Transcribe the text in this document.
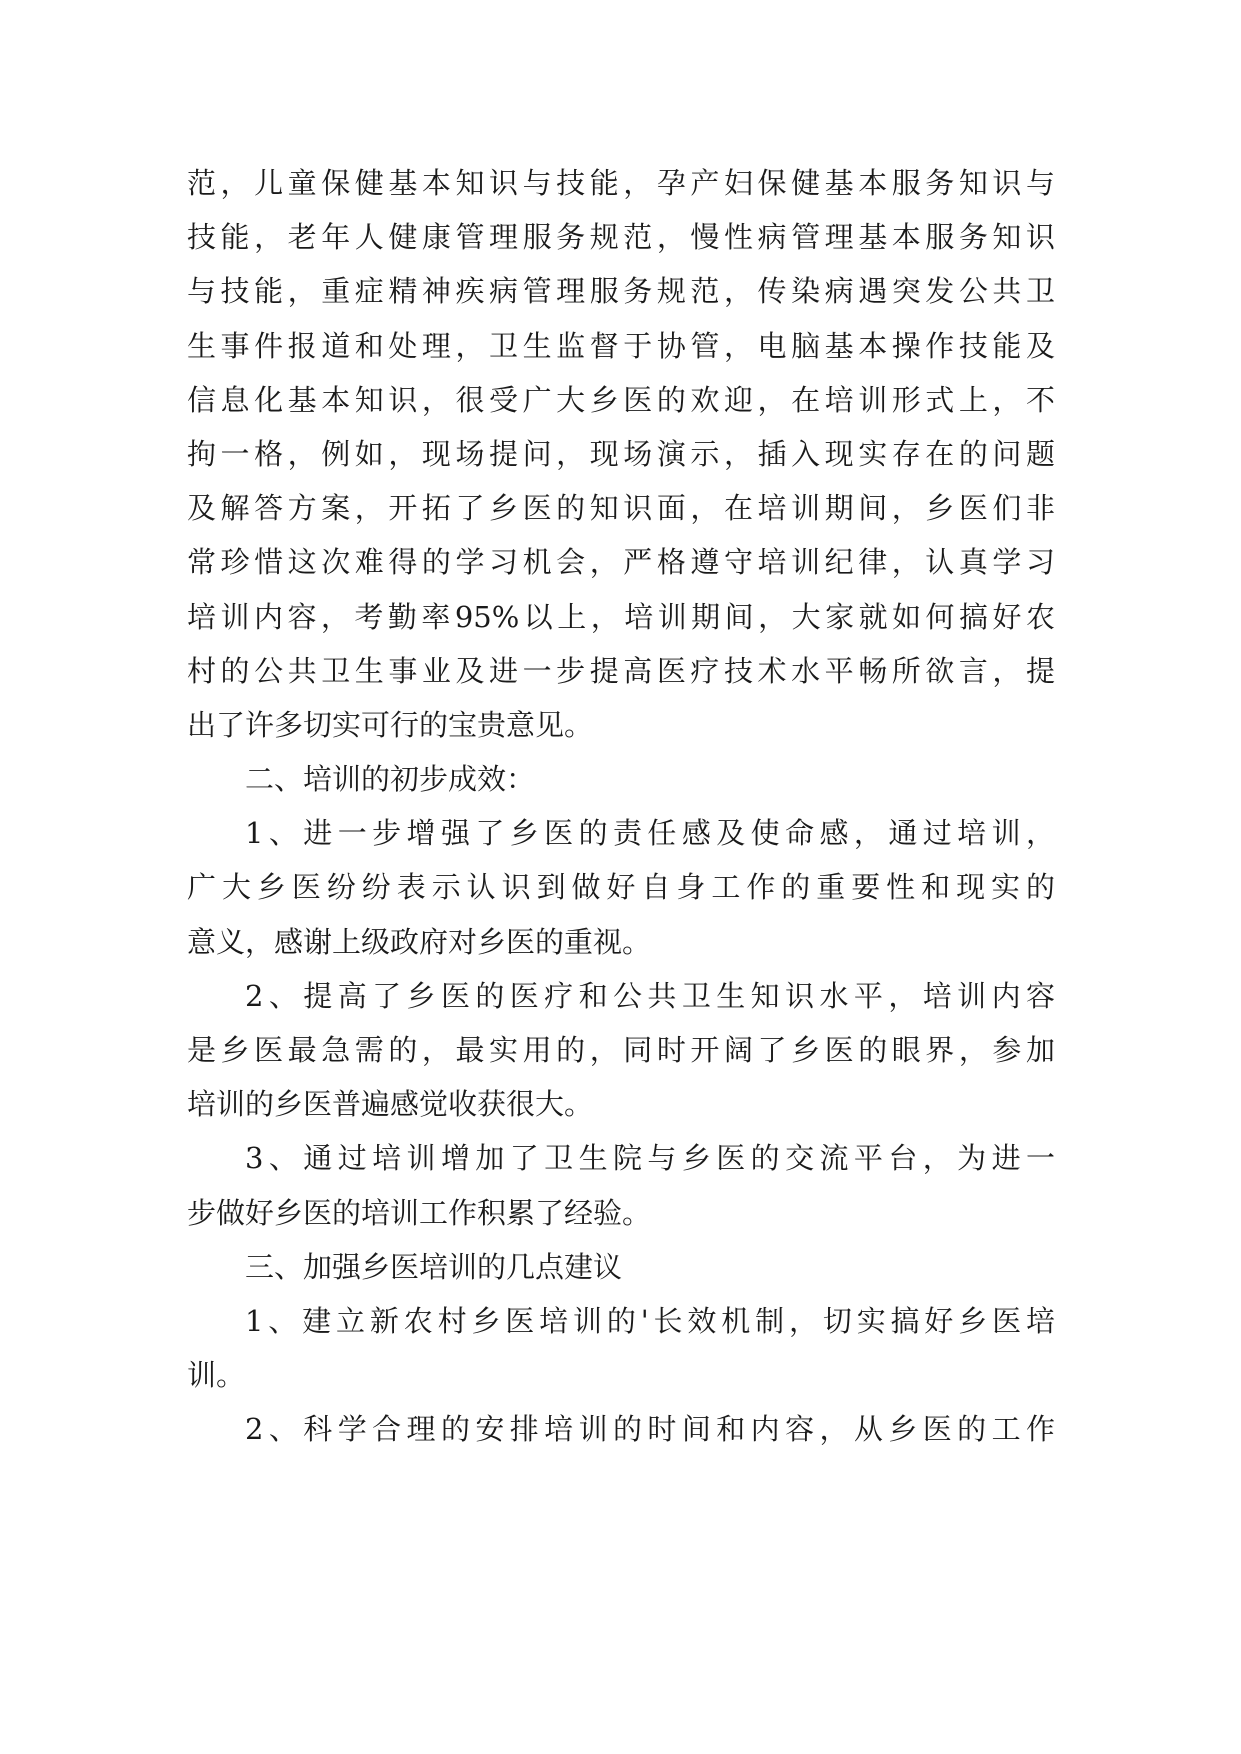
范，儿童保健基本知识与技能，孕产妇保健基本服务知识与
技能，老年人健康管理服务规范，慢性病管理基本服务知识
与技能，重症精神疾病管理服务规范，传染病遇突发公共卫
生事件报道和处理，卫生监督于协管，电脑基本操作技能及
信息化基本知识，很受广大乡医的欢迎，在培训形式上，不
拘一格，例如，现场提问，现场演示，插入现实存在的问题
及解答方案，开拓了乡医的知识面，在培训期间，乡医们非
常珍惜这次难得的学习机会，严格遵守培训纪律，认真学习
培训内容，考勤率95%以上，培训期间，大家就如何搞好农
村的公共卫生事业及进一步提高医疗技术水平畅所欲言，提
出了许多切实可行的宝贵意见。
二、培训的初步成效：
1、进一步增强了乡医的责任感及使命感，通过培训，
广大乡医纷纷表示认识到做好自身工作的重要性和现实的
意义，感谢上级政府对乡医的重视。
2、提高了乡医的医疗和公共卫生知识水平，培训内容
是乡医最急需的，最实用的，同时开阔了乡医的眼界，参加
培训的乡医普遍感觉收获很大。
3、通过培训增加了卫生院与乡医的交流平台，为进一
步做好乡医的培训工作积累了经验。
三、加强乡医培训的几点建议
1、建立新农村乡医培训的'长效机制，切实搞好乡医培
训。
2、科学合理的安排培训的时间和内容，从乡医的工作
